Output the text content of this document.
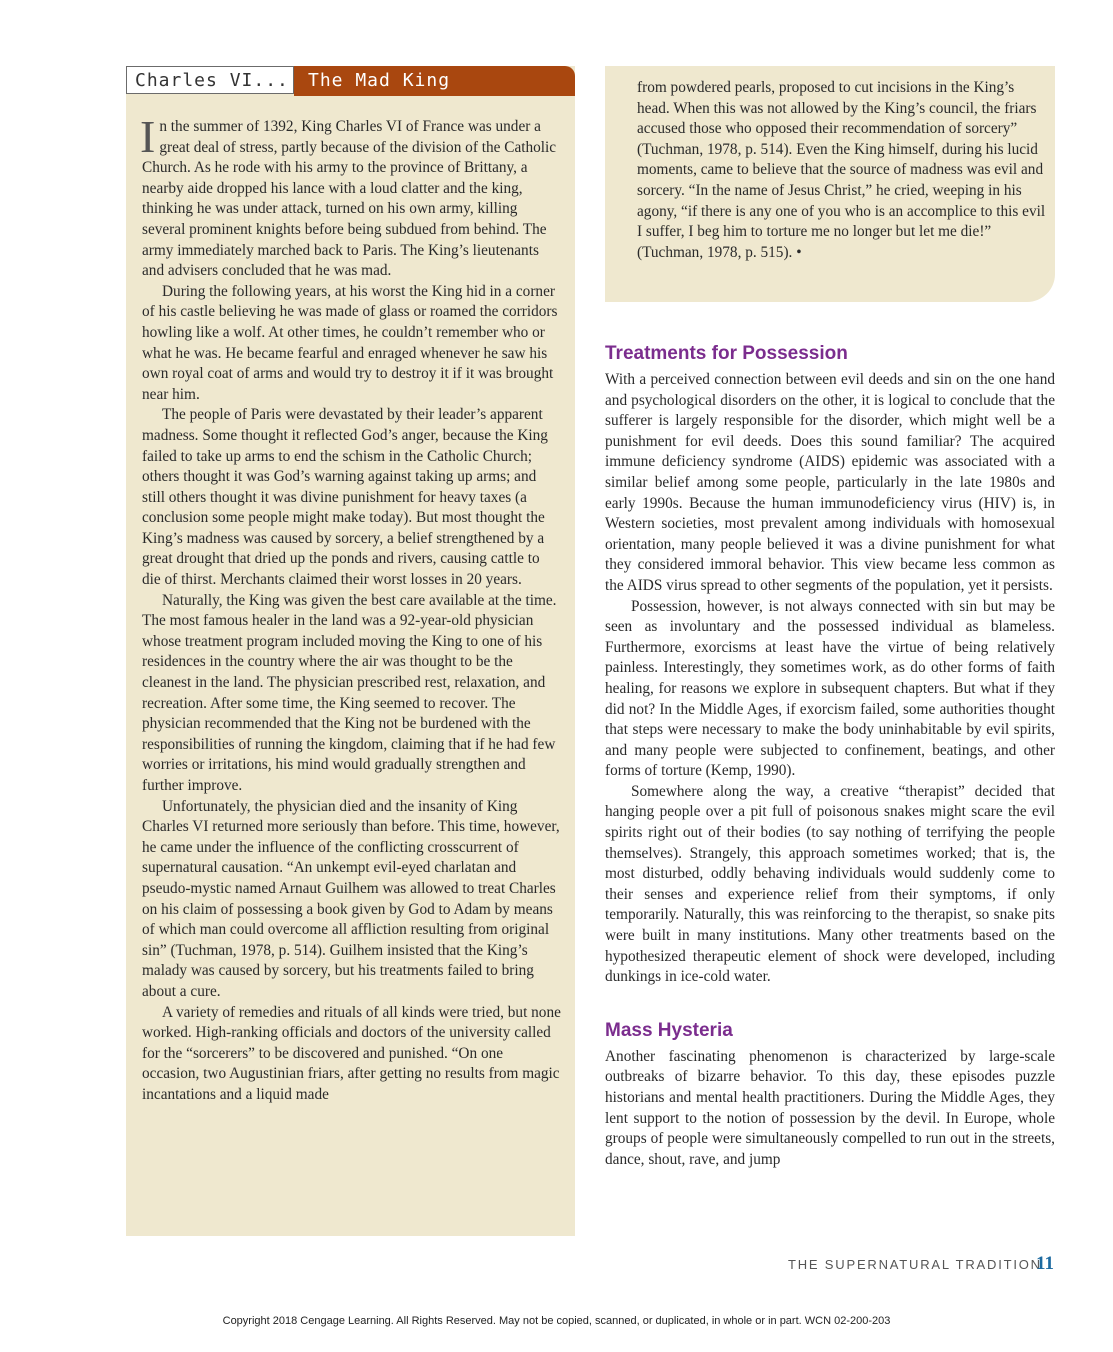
Charles VI...	The Mad King

In the summer of 1392, King Charles VI of France was under a great deal of stress, partly because of the division of the Catholic Church. As he rode with his army to the province of Brittany, a nearby aide dropped his lance with a loud clatter and the king, thinking he was under attack, turned on his own army, killing several prominent knights before being subdued from behind. The army immediately marched back to Paris. The King’s lieutenants and advisers concluded that he was mad.

During the following years, at his worst the King hid in a corner of his castle believing he was made of glass or roamed the corridors howling like a wolf. At other times, he couldn’t remember who or what he was. He became fearful and enraged whenever he saw his own royal coat of arms and would try to destroy it if it was brought near him.

The people of Paris were devastated by their leader’s apparent madness. Some thought it reflected God’s anger, because the King failed to take up arms to end the schism in the Catholic Church; others thought it was God’s warning against taking up arms; and still others thought it was divine punishment for heavy taxes (a conclusion some people might make today). But most thought the King’s madness was caused by sorcery, a belief strengthened by a great drought that dried up the ponds and rivers, causing cattle to die of thirst. Merchants claimed their worst losses in 20 years.

Naturally, the King was given the best care available at the time. The most famous healer in the land was a 92-year-old physician whose treatment program included moving the King to one of his residences in the country where the air was thought to be the cleanest in the land. The physician prescribed rest, relaxation, and recreation. After some time, the King seemed to recover. The physician recommended that the King not be burdened with the responsibilities of running the kingdom, claiming that if he had few worries or irritations, his mind would gradually strengthen and further improve.

Unfortunately, the physician died and the insanity of King Charles VI returned more seriously than before. This time, however, he came under the influence of the conflicting crosscurrent of supernatural causation. “An unkempt evil-eyed charlatan and pseudo-mystic named Arnaut Guilhem was allowed to treat Charles on his claim of possessing a book given by God to Adam by means of which man could overcome all affliction resulting from original sin” (Tuchman, 1978, p. 514). Guilhem insisted that the King’s malady was caused by sorcery, but his treatments failed to bring about a cure.

A variety of remedies and rituals of all kinds were tried, but none worked. High-ranking officials and doctors of the university called for the “sorcerers” to be discovered and punished. “On one occasion, two Augustinian friars, after getting no results from magic incantations and a liquid made

from powdered pearls, proposed to cut incisions in the King’s head. When this was not allowed by the King’s council, the friars accused those who opposed their recommendation of sorcery” (Tuchman, 1978, p. 514). Even the King himself, during his lucid moments, came to believe that the source of madness was evil and sorcery. “In the name of Jesus Christ,” he cried, weeping in his agony, “if there is any one of you who is an accomplice to this evil I suffer, I beg him to torture me no longer but let me die!” (Tuchman, 1978, p. 515). •
Treatments for Possession

With a perceived connection between evil deeds and sin on the one hand and psychological disorders on the other, it is logical to conclude that the sufferer is largely responsible for the disorder, which might well be a punishment for evil deeds. Does this sound familiar? The acquired immune deficiency syndrome (AIDS) epidemic was associated with a similar belief among some people, particularly in the late 1980s and early 1990s. Because the human immunodeficiency virus (HIV) is, in Western societies, most prevalent among individuals with homosexual orientation, many people believed it was a divine punishment for what they considered immoral behavior. This view became less common as the AIDS virus spread to other segments of the population, yet it persists.

Possession, however, is not always connected with sin but may be seen as involuntary and the possessed individual as blameless. Furthermore, exorcisms at least have the virtue of being relatively painless. Interestingly, they sometimes work, as do other forms of faith healing, for reasons we explore in subsequent chapters. But what if they did not? In the Middle Ages, if exorcism failed, some authorities thought that steps were necessary to make the body uninhabitable by evil spirits, and many people were subjected to confinement, beatings, and other forms of torture (Kemp, 1990).

Somewhere along the way, a creative “therapist” decided that hanging people over a pit full of poisonous snakes might scare the evil spirits right out of their bodies (to say nothing of terrifying the people themselves). Strangely, this approach sometimes worked; that is, the most disturbed, oddly behaving individuals would suddenly come to their senses and experience relief from their symptoms, if only temporarily. Naturally, this was reinforcing to the therapist, so snake pits were built in many institutions. Many other treatments based on the hypothesized therapeutic element of shock were developed, including dunkings in ice-cold water.

Mass Hysteria

Another fascinating phenomenon is characterized by large-scale outbreaks of bizarre behavior. To this day, these episodes puzzle historians and mental health practitioners. During the Middle Ages, they lent support to the notion of possession by the devil. In Europe, whole groups of people were simultaneously compelled to run out in the streets, dance, shout, rave, and jump

THE SUPERNATURAL TRADITION
11
Copyright 2018 Cengage Learning. All Rights Reserved. May not be copied, scanned, or duplicated, in whole or in part. WCN 02-200-203
